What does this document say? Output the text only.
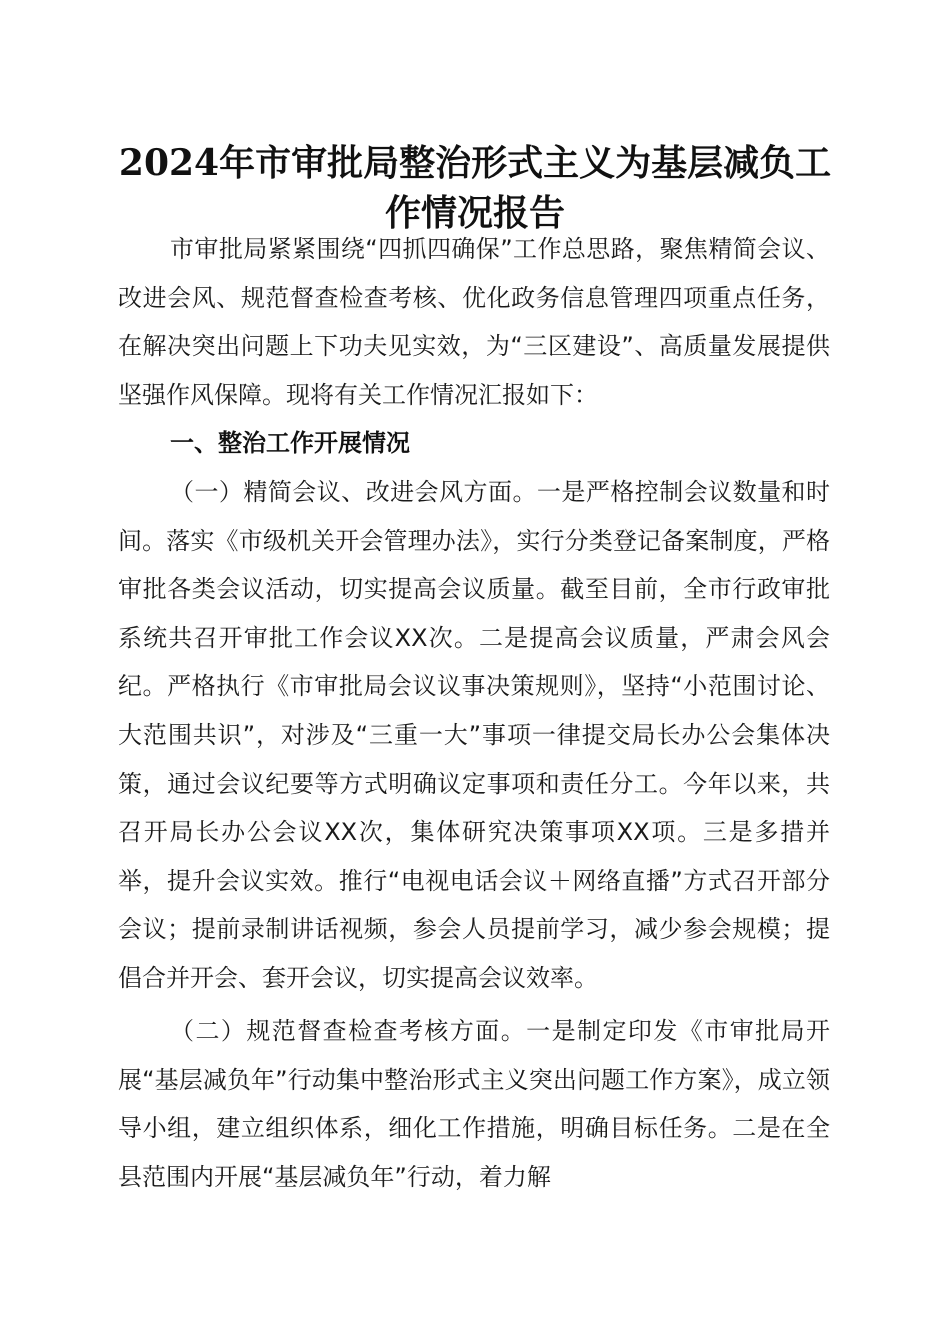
2024年市审批局整治形式主义为基层减负工作情况报告

市审批局紧紧围绕“四抓四确保”工作总思路，聚焦精简会议、改进会风、规范督查检查考核、优化政务信息管理四项重点任务，在解决突出问题上下功夫见实效，为“三区建设”、高质量发展提供坚强作风保障。现将有关工作情况汇报如下：

一、整治工作开展情况

（一）精简会议、改进会风方面。一是严格控制会议数量和时间。落实《市级机关开会管理办法》，实行分类登记备案制度，严格审批各类会议活动，切实提高会议质量。截至目前，全市行政审批系统共召开审批工作会议XX次。二是提高会议质量，严肃会风会纪。严格执行《市审批局会议议事决策规则》，坚持“小范围讨论、大范围共识”，对涉及“三重一大”事项一律提交局长办公会集体决策，通过会议纪要等方式明确议定事项和责任分工。今年以来，共召开局长办公会议XX次，集体研究决策事项XX项。三是多措并举，提升会议实效。推行“电视电话会议＋网络直播”方式召开部分会议；提前录制讲话视频，参会人员提前学习，减少参会规模；提倡合并开会、套开会议，切实提高会议效率。

（二）规范督查检查考核方面。一是制定印发《市审批局开展“基层减负年”行动集中整治形式主义突出问题工作方案》，成立领导小组，建立组织体系，细化工作措施，明确目标任务。二是在全县范围内开展“基层减负年”行动，着力解
